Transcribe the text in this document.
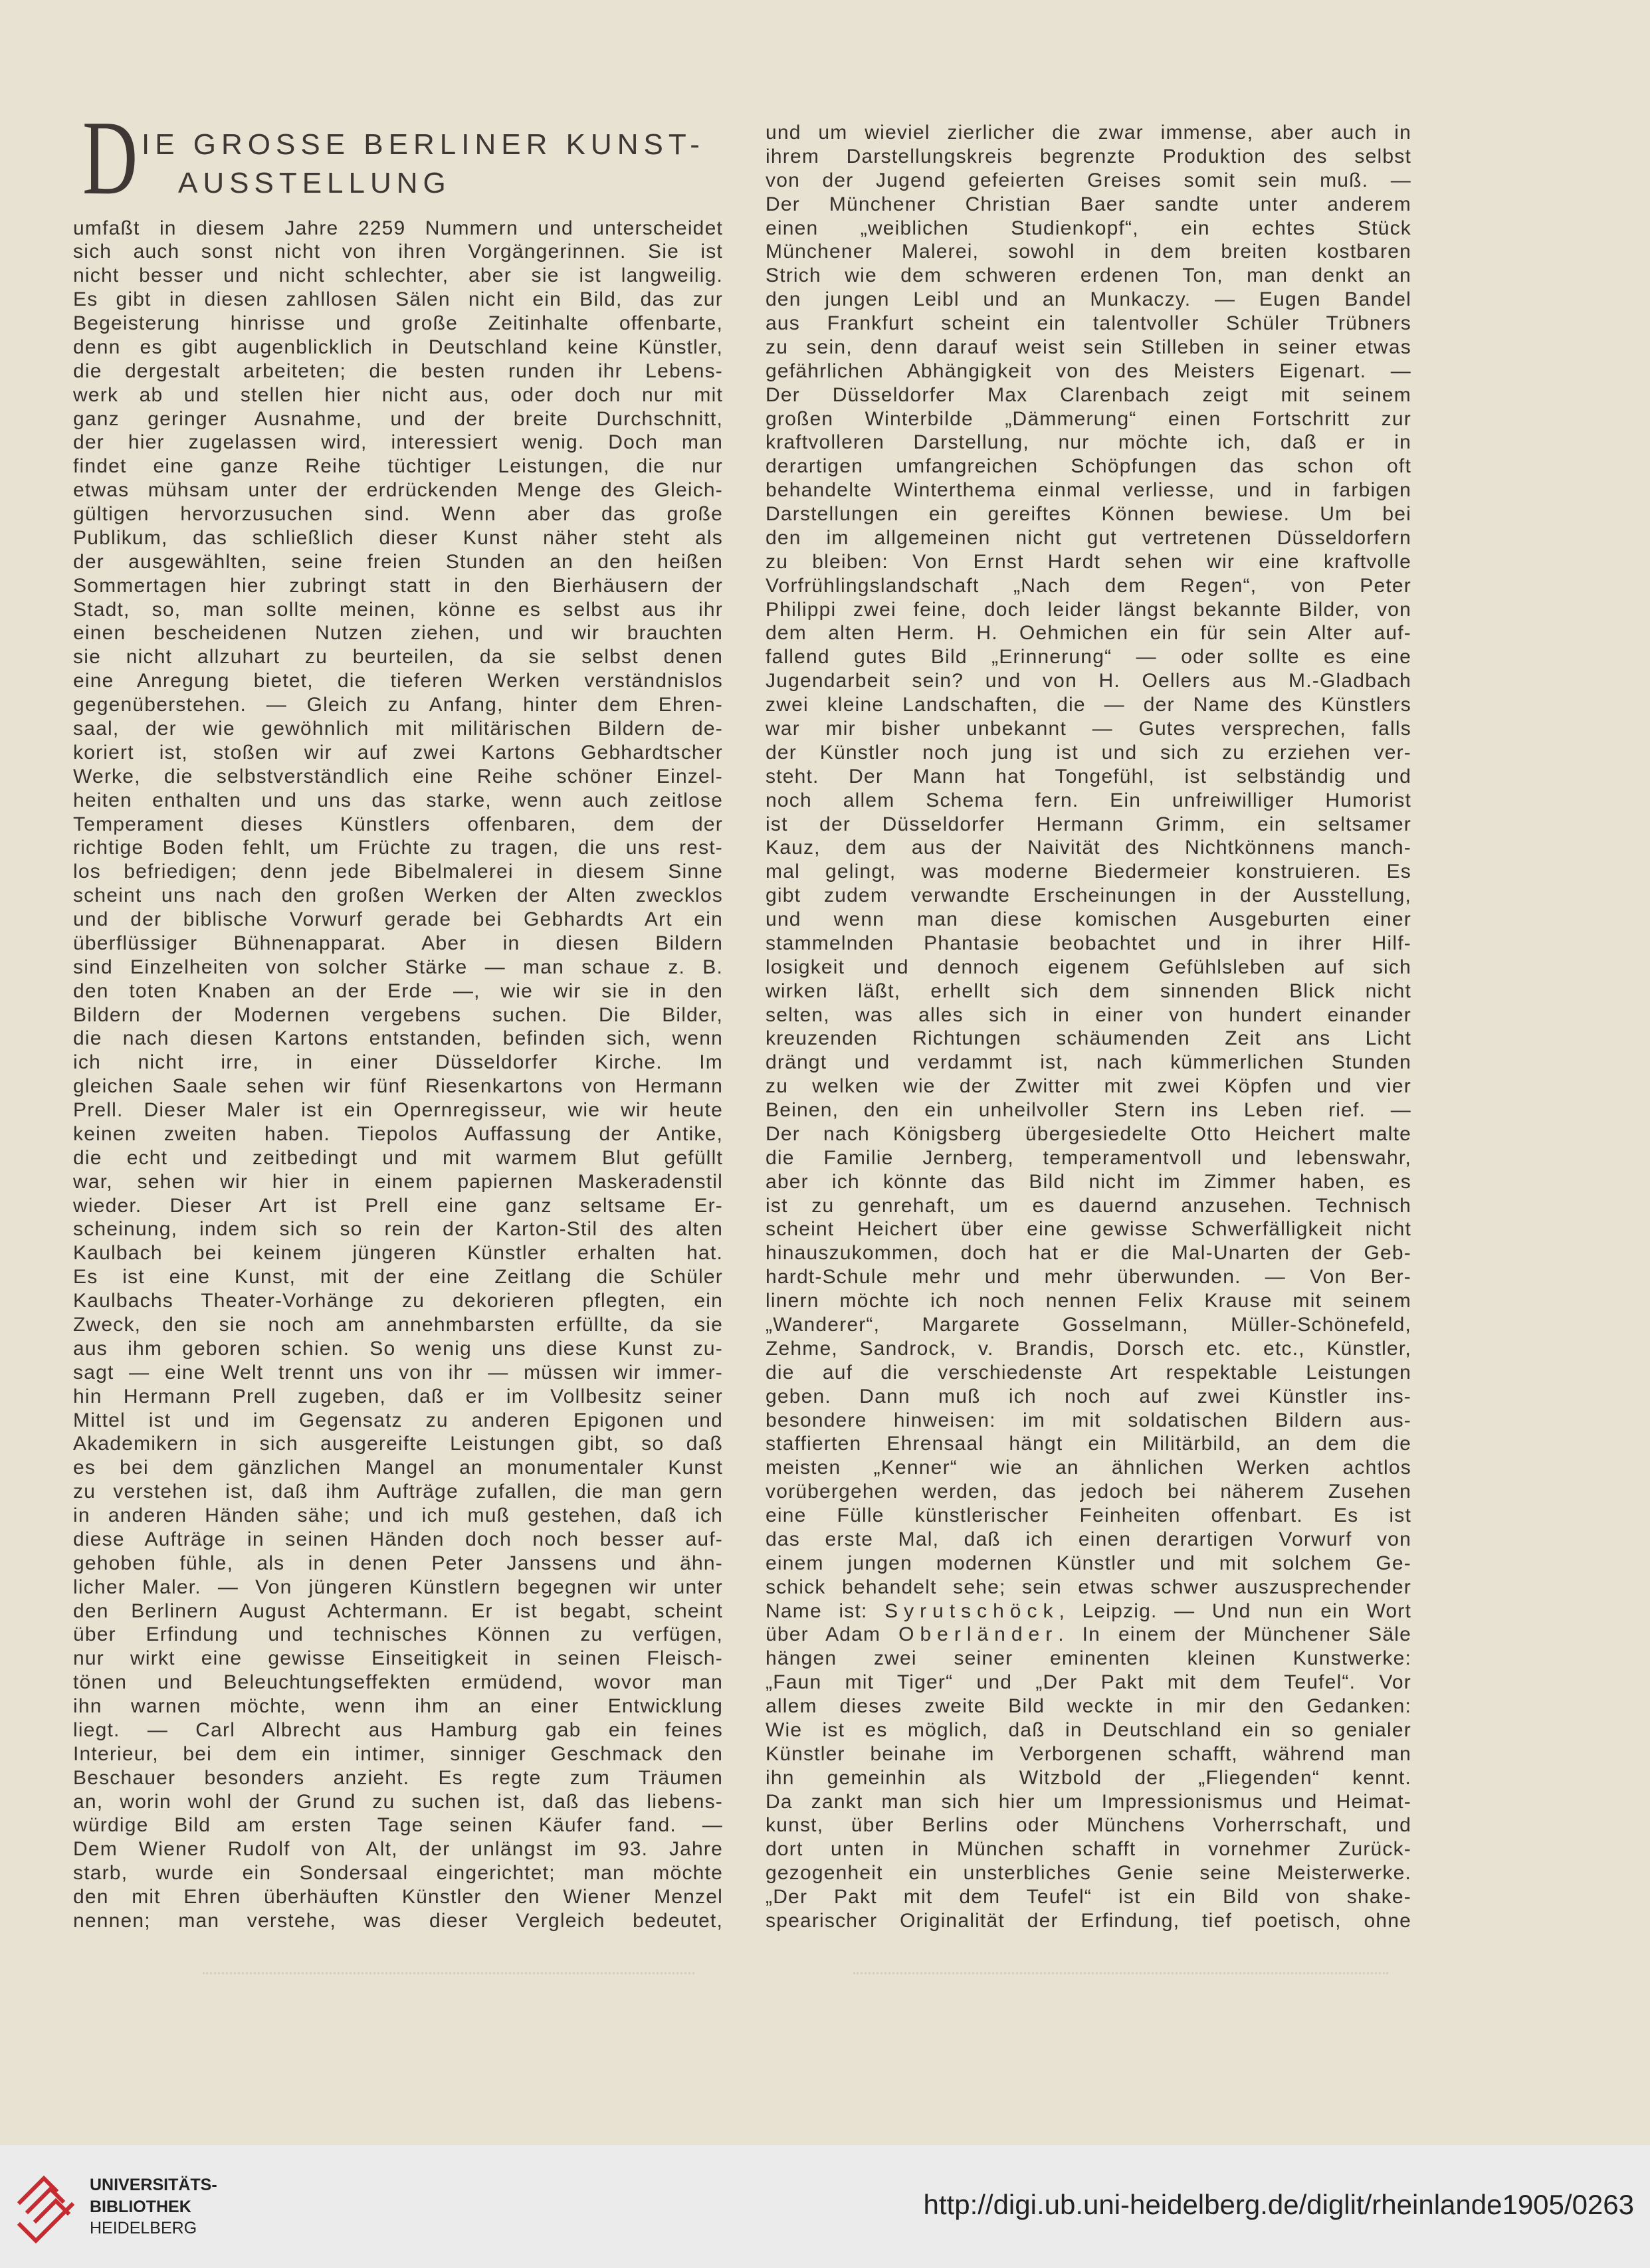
D IE GROSSE BERLINER KUNST-
AUSSTELLUNG
umfaßt in diesem Jahre 2259 Nummern und unterscheidet
sich auch sonst nicht von ihren Vorgängerinnen. Sie ist
nicht besser und nicht schlechter, aber sie ist langweilig.
Es gibt in diesen zahllosen Sälen nicht ein Bild, das zur
Begeisterung hinrisse und große Zeitinhalte offenbarte,
denn es gibt augenblicklich in Deutschland keine Künstler,
die dergestalt arbeiteten; die besten runden ihr Lebens-
werk ab und stellen hier nicht aus, oder doch nur mit
ganz geringer Ausnahme, und der breite Durchschnitt,
der hier zugelassen wird, interessiert wenig. Doch man
findet eine ganze Reihe tüchtiger Leistungen, die nur
etwas mühsam unter der erdrückenden Menge des Gleich-
gültigen hervorzusuchen sind. Wenn aber das große
Publikum, das schließlich dieser Kunst näher steht als
der ausgewählten, seine freien Stunden an den heißen
Sommertagen hier zubringt statt in den Bierhäusern der
Stadt, so, man sollte meinen, könne es selbst aus ihr
einen bescheidenen Nutzen ziehen, und wir brauchten
sie nicht allzuhart zu beurteilen, da sie selbst denen
eine Anregung bietet, die tieferen Werken verständnislos
gegenüberstehen. — Gleich zu Anfang, hinter dem Ehren-
saal, der wie gewöhnlich mit militärischen Bildern de-
koriert ist, stoßen wir auf zwei Kartons Gebhardtscher
Werke, die selbstverständlich eine Reihe schöner Einzel-
heiten enthalten und uns das starke, wenn auch zeitlose
Temperament dieses Künstlers offenbaren, dem der
richtige Boden fehlt, um Früchte zu tragen, die uns rest-
los befriedigen; denn jede Bibelmalerei in diesem Sinne
scheint uns nach den großen Werken der Alten zwecklos
und der biblische Vorwurf gerade bei Gebhardts Art ein
überflüssiger Bühnenapparat. Aber in diesen Bildern
sind Einzelheiten von solcher Stärke — man schaue z. B.
den toten Knaben an der Erde —, wie wir sie in den
Bildern der Modernen vergebens suchen. Die Bilder,
die nach diesen Kartons entstanden, befinden sich, wenn
ich nicht irre, in einer Düsseldorfer Kirche. Im
gleichen Saale sehen wir fünf Riesenkartons von Hermann
Prell. Dieser Maler ist ein Opernregisseur, wie wir heute
keinen zweiten haben. Tiepolos Auffassung der Antike,
die echt und zeitbedingt und mit warmem Blut gefüllt
war, sehen wir hier in einem papiernen Maskeradenstil
wieder. Dieser Art ist Prell eine ganz seltsame Er-
scheinung, indem sich so rein der Karton-Stil des alten
Kaulbach bei keinem jüngeren Künstler erhalten hat.
Es ist eine Kunst, mit der eine Zeitlang die Schüler
Kaulbachs Theater-Vorhänge zu dekorieren pflegten, ein
Zweck, den sie noch am annehmbarsten erfüllte, da sie
aus ihm geboren schien. So wenig uns diese Kunst zu-
sagt — eine Welt trennt uns von ihr — müssen wir immer-
hin Hermann Prell zugeben, daß er im Vollbesitz seiner
Mittel ist und im Gegensatz zu anderen Epigonen und
Akademikern in sich ausgereifte Leistungen gibt, so daß
es bei dem gänzlichen Mangel an monumentaler Kunst
zu verstehen ist, daß ihm Aufträge zufallen, die man gern
in anderen Händen sähe; und ich muß gestehen, daß ich
diese Aufträge in seinen Händen doch noch besser auf-
gehoben fühle, als in denen Peter Janssens und ähn-
licher Maler. — Von jüngeren Künstlern begegnen wir unter
den Berlinern August Achtermann. Er ist begabt, scheint
über Erfindung und technisches Können zu verfügen,
nur wirkt eine gewisse Einseitigkeit in seinen Fleisch-
tönen und Beleuchtungseffekten ermüdend, wovor man
ihn warnen möchte, wenn ihm an einer Entwicklung
liegt. — Carl Albrecht aus Hamburg gab ein feines
Interieur, bei dem ein intimer, sinniger Geschmack den
Beschauer besonders anzieht. Es regte zum Träumen
an, worin wohl der Grund zu suchen ist, daß das liebens-
würdige Bild am ersten Tage seinen Käufer fand. —
Dem Wiener Rudolf von Alt, der unlängst im 93. Jahre
starb, wurde ein Sondersaal eingerichtet; man möchte
den mit Ehren überhäuften Künstler den Wiener Menzel
nennen; man verstehe, was dieser Vergleich bedeutet,
und um wieviel zierlicher die zwar immense, aber auch in
ihrem Darstellungskreis begrenzte Produktion des selbst
von der Jugend gefeierten Greises somit sein muß. —
Der Münchener Christian Baer sandte unter anderem
einen „weiblichen Studienkopf“, ein echtes Stück
Münchener Malerei, sowohl in dem breiten kostbaren
Strich wie dem schweren erdenen Ton, man denkt an
den jungen Leibl und an Munkaczy. — Eugen Bandel
aus Frankfurt scheint ein talentvoller Schüler Trübners
zu sein, denn darauf weist sein Stilleben in seiner etwas
gefährlichen Abhängigkeit von des Meisters Eigenart. —
Der Düsseldorfer Max Clarenbach zeigt mit seinem
großen Winterbilde „Dämmerung“ einen Fortschritt zur
kraftvolleren Darstellung, nur möchte ich, daß er in
derartigen umfangreichen Schöpfungen das schon oft
behandelte Winterthema einmal verliesse, und in farbigen
Darstellungen ein gereiftes Können bewiese. Um bei
den im allgemeinen nicht gut vertretenen Düsseldorfern
zu bleiben: Von Ernst Hardt sehen wir eine kraftvolle
Vorfrühlingslandschaft „Nach dem Regen“, von Peter
Philippi zwei feine, doch leider längst bekannte Bilder, von
dem alten Herm. H. Oehmichen ein für sein Alter auf-
fallend gutes Bild „Erinnerung“ — oder sollte es eine
Jugendarbeit sein? und von H. Oellers aus M.-Gladbach
zwei kleine Landschaften, die — der Name des Künstlers
war mir bisher unbekannt — Gutes versprechen, falls
der Künstler noch jung ist und sich zu erziehen ver-
steht. Der Mann hat Tongefühl, ist selbständig und
noch allem Schema fern. Ein unfreiwilliger Humorist
ist der Düsseldorfer Hermann Grimm, ein seltsamer
Kauz, dem aus der Naivität des Nichtkönnens manch-
mal gelingt, was moderne Biedermeier konstruieren. Es
gibt zudem verwandte Erscheinungen in der Ausstellung,
und wenn man diese komischen Ausgeburten einer
stammelnden Phantasie beobachtet und in ihrer Hilf-
losigkeit und dennoch eigenem Gefühlsleben auf sich
wirken läßt, erhellt sich dem sinnenden Blick nicht
selten, was alles sich in einer von hundert einander
kreuzenden Richtungen schäumenden Zeit ans Licht
drängt und verdammt ist, nach kümmerlichen Stunden
zu welken wie der Zwitter mit zwei Köpfen und vier
Beinen, den ein unheilvoller Stern ins Leben rief. —
Der nach Königsberg übergesiedelte Otto Heichert malte
die Familie Jernberg, temperamentvoll und lebenswahr,
aber ich könnte das Bild nicht im Zimmer haben, es
ist zu genrehaft, um es dauernd anzusehen. Technisch
scheint Heichert über eine gewisse Schwerfälligkeit nicht
hinauszukommen, doch hat er die Mal-Unarten der Geb-
hardt-Schule mehr und mehr überwunden. — Von Ber-
linern möchte ich noch nennen Felix Krause mit seinem
„Wanderer“, Margarete Gosselmann, Müller-Schönefeld,
Zehme, Sandrock, v. Brandis, Dorsch etc. etc., Künstler,
die auf die verschiedenste Art respektable Leistungen
geben. Dann muß ich noch auf zwei Künstler ins-
besondere hinweisen: im mit soldatischen Bildern aus-
staffierten Ehrensaal hängt ein Militärbild, an dem die
meisten „Kenner“ wie an ähnlichen Werken achtlos
vorübergehen werden, das jedoch bei näherem Zusehen
eine Fülle künstlerischer Feinheiten offenbart. Es ist
das erste Mal, daß ich einen derartigen Vorwurf von
einem jungen modernen Künstler und mit solchem Ge-
schick behandelt sehe; sein etwas schwer auszusprechender
Name ist: Syrutschöck, Leipzig. — Und nun ein Wort
über Adam Oberländer. In einem der Münchener Säle
hängen zwei seiner eminenten kleinen Kunstwerke:
„Faun mit Tiger“ und „Der Pakt mit dem Teufel“. Vor
allem dieses zweite Bild weckte in mir den Gedanken:
Wie ist es möglich, daß in Deutschland ein so genialer
Künstler beinahe im Verborgenen schafft, während man
ihn gemeinhin als Witzbold der „Fliegenden“ kennt.
Da zankt man sich hier um Impressionismus und Heimat-
kunst, über Berlins oder Münchens Vorherrschaft, und
dort unten in München schafft in vornehmer Zurück-
gezogenheit ein unsterbliches Genie seine Meisterwerke.
„Der Pakt mit dem Teufel“ ist ein Bild von shake-
spearischer Originalität der Erfindung, tief poetisch, ohne
UNIVERSITÄTS-
BIBLIOTHEK
HEIDELBERG
http://digi.ub.uni-heidelberg.de/diglit/rheinlande1905/0263
